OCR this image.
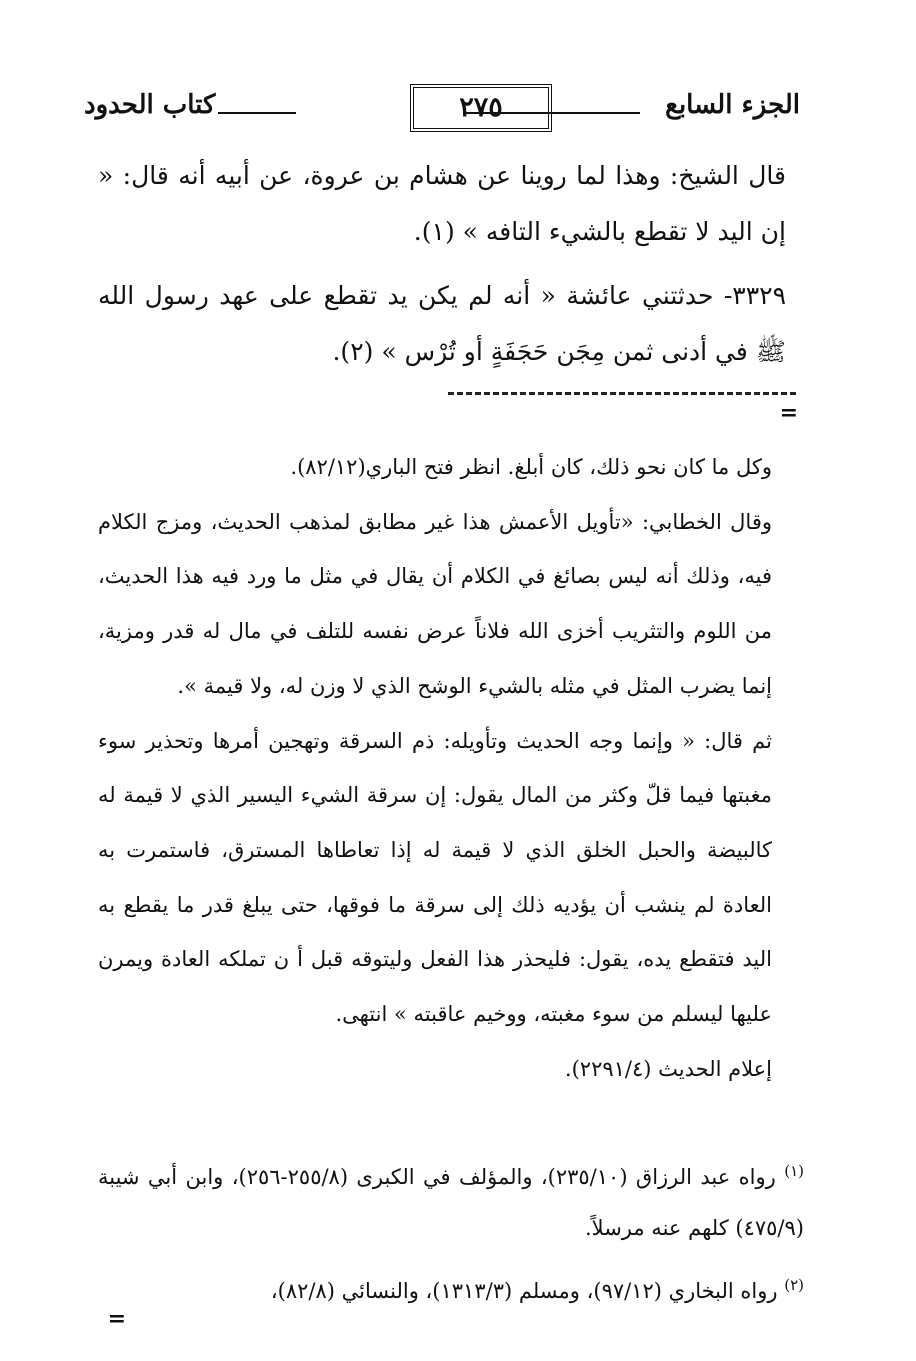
الجزء السابع
٢٧٥
كتاب الحدود

قال الشيخ: وهذا لما روينا عن هشام بن عروة، عن أبيه أنه قال: « إن اليد لا تقطع بالشيء التافه » (١).

٣٣٢٩- حدثتني عائشة « أنه لم يكن يد تقطع على عهد رسول الله ﷺ في أدنى ثمن مِجَن حَجَفَةٍ أو تُرْس » (٢).

=

وكل ما كان نحو ذلك، كان أبلغ. انظر فتح الباري(٨٢/١٢).

وقال الخطابي: «تأويل الأعمش هذا غير مطابق لمذهب الحديث، ومزج الكلام فيه، وذلك أنه ليس بصائغ في الكلام أن يقال في مثل ما ورد فيه هذا الحديث، من اللوم والتثريب أخزى الله فلاناً عرض نفسه للتلف في مال له قدر ومزية، إنما يضرب المثل في مثله بالشيء الوشح الذي لا وزن له، ولا قيمة ».

ثم قال: « وإنما وجه الحديث وتأويله: ذم السرقة وتهجين أمرها وتحذير سوء مغبتها فيما قلّ وكثر من المال يقول: إن سرقة الشيء اليسير الذي لا قيمة له كالبيضة والحبل الخلق الذي لا قيمة له إذا تعاطاها المسترق، فاستمرت به العادة لم ينشب أن يؤديه ذلك إلى سرقة ما فوقها، حتى يبلغ قدر ما يقطع به اليد فتقطع يده، يقول: فليحذر هذا الفعل وليتوقه قبل أ ن تملكه العادة ويمرن عليها ليسلم من سوء مغبته، ووخيم عاقبته » انتهى.

إعلام الحديث (٢٢٩١/٤).

$^{(١)}$ رواه عبد الرزاق (٢٣٥/١٠)، والمؤلف في الكبرى (٢٥٥/٨-٢٥٦)، وابن أبي شيبة (٤٧٥/٩) كلهم عنه مرسلاً.

$^{(٢)}$ رواه البخاري (٩٧/١٢)، ومسلم (١٣١٣/٣)، والنسائي (٨٢/٨)،

=
